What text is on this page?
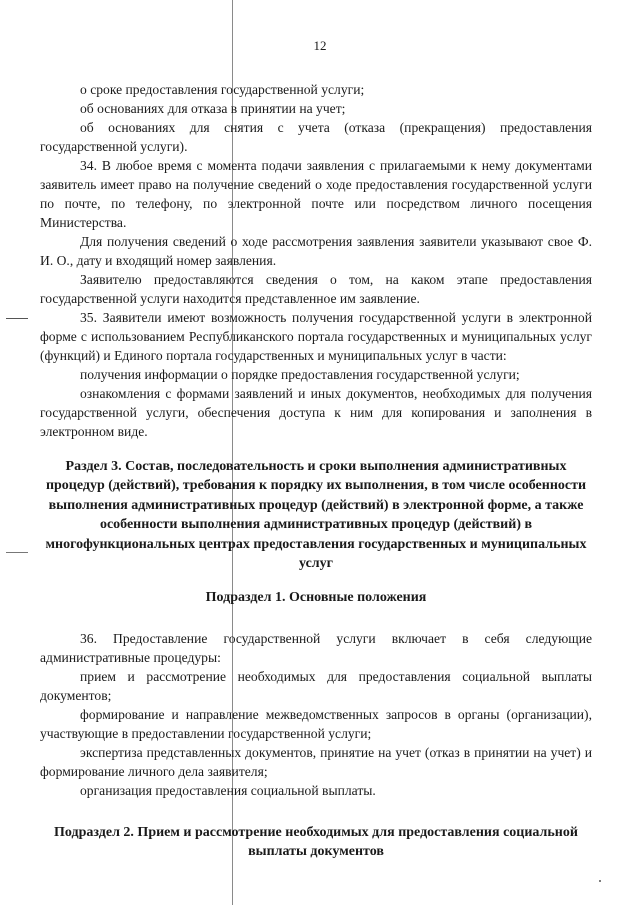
12

о сроке предоставления государственной услуги;

об основаниях для отказа в принятии на учет;

об основаниях для снятия с учета (отказа (прекращения) предоставления государственной услуги).

34. В любое время с момента подачи заявления с прилагаемыми к нему документами заявитель имеет право на получение сведений о ходе предоставления государственной услуги по почте, по телефону, по электронной почте или посредством личного посещения Министерства.

Для получения сведений о ходе рассмотрения заявления заявители указывают свое Ф. И. О., дату и входящий номер заявления.

Заявителю предоставляются сведения о том, на каком этапе предоставления государственной услуги находится представленное им заявление.

35. Заявители имеют возможность получения государственной услуги в электронной форме с использованием Республиканского портала государственных и муниципальных услуг (функций) и Единого портала государственных и муниципальных услуг в части:

получения информации о порядке предоставления государственной услуги;

ознакомления с формами заявлений и иных документов, необходимых для получения государственной услуги, обеспечения доступа к ним для копирования и заполнения в электронном виде.

Раздел 3. Состав, последовательность и сроки выполнения административных процедур (действий), требования к порядку их выполнения, в том числе особенности выполнения административных процедур (действий) в электронной форме, а также особенности выполнения административных процедур (действий) в многофункциональных центрах предоставления государственных и муниципальных услуг

Подраздел 1. Основные положения

36. Предоставление государственной услуги включает в себя следующие административные процедуры:

прием и рассмотрение необходимых для предоставления социальной выплаты документов;

формирование и направление межведомственных запросов в органы (организации), участвующие в предоставлении государственной услуги;

экспертиза представленных документов, принятие на учет (отказ в принятии на учет) и формирование личного дела заявителя;

организация предоставления социальной выплаты.

Подраздел 2. Прием и рассмотрение необходимых для предоставления социальной выплаты документов
